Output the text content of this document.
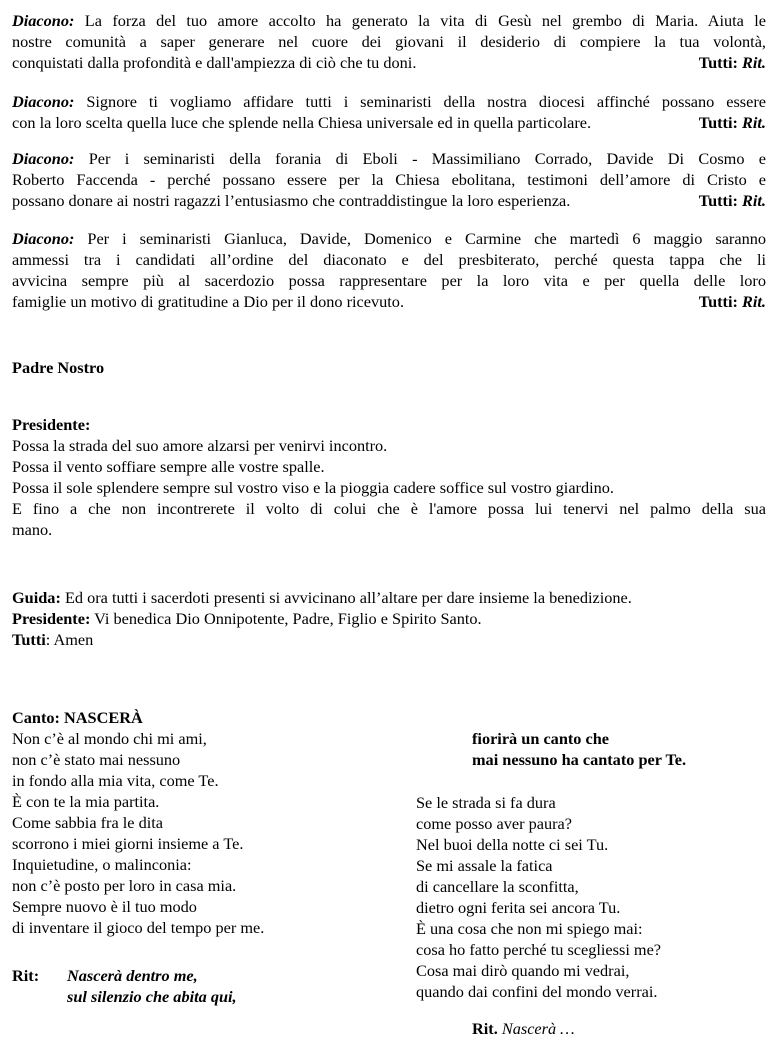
Diacono: La forza del tuo amore accolto ha generato la vita di Gesù nel grembo di Maria. Aiuta le
nostre comunità a saper generare nel cuore dei giovani il desiderio di compiere la tua volontà,
conquistati dalla profondità e dall'ampiezza di ciò che tu doni.	Tutti: Rit.
Diacono: Signore ti vogliamo affidare tutti i seminaristi della nostra diocesi affinché possano essere
con la loro scelta quella luce che splende nella Chiesa universale ed in quella particolare.	Tutti: Rit.
Diacono: Per i seminaristi della forania di Eboli - Massimiliano Corrado, Davide Di Cosmo e
Roberto Faccenda - perché possano essere per la Chiesa ebolitana, testimoni dell’amore di Cristo e
possano donare ai nostri ragazzi l’entusiasmo che contraddistingue la loro esperienza.	Tutti: Rit.
Diacono: Per i seminaristi Gianluca, Davide, Domenico e Carmine che martedì 6 maggio saranno
ammessi tra i candidati all’ordine del diaconato e del presbiterato, perché questa tappa che li
avvicina sempre più al sacerdozio possa rappresentare per la loro vita e per quella delle loro
famiglie un motivo di gratitudine a Dio per il dono ricevuto.	Tutti: Rit.
Padre Nostro
Presidente:
Possa la strada del suo amore alzarsi per venirvi incontro.
Possa il vento soffiare sempre alle vostre spalle.
Possa il sole splendere sempre sul vostro viso e la pioggia cadere soffice sul vostro giardino.
E fino a che non incontrerete il volto di colui che è l'amore possa lui tenervi nel palmo della sua
mano.
Guida: Ed ora tutti i sacerdoti presenti si avvicinano all’altare per dare insieme la benedizione.
Presidente: Vi benedica Dio Onnipotente, Padre, Figlio e Spirito Santo.
Tutti: Amen
Canto: NASCERÀ
Non c’è al mondo chi mi ami,
non c’è stato mai nessuno
in fondo alla mia vita, come Te.
È con te la mia partita.
Come sabbia fra le dita
scorrono i miei giorni insieme a Te.
Inquietudine, o malinconia:
non c’è posto per loro in casa mia.
Sempre nuovo è il tuo modo
di inventare il gioco del tempo per me.
Rit: Nascerà dentro me,
sul silenzio che abita qui,
fiorirà un canto che
mai nessuno ha cantato per Te.
Se le strada si fa dura
come posso aver paura?
Nel buoi della notte ci sei Tu.
Se mi assale la fatica
di cancellare la sconfitta,
dietro ogni ferita sei ancora Tu.
È una cosa che non mi spiego mai:
cosa ho fatto perché tu scegliessi me?
Cosa mai dirò quando mi vedrai,
quando dai confini del mondo verrai.
Rit. Nascerà …
